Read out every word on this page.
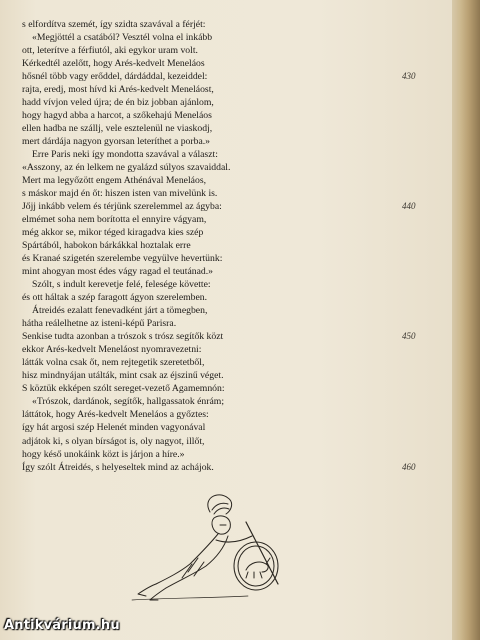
s elfordítva szemét, így szidta szavával a férjét:
«Megjöttél a csatából? Vesztél volna el inkább
ott, leterítve a férfiutól, aki egykor uram volt.
Kérkedtél azelőtt, hogy Arés-kedvelt Meneláos
hősnél több vagy erőddel, dárdáddal, kezeiddel:
rajta, eredj, most hívd ki Arés-kedvelt Meneláost,
hadd vívjon veled újra; de én biz jobban ajánlom,
hogy hagyd abba a harcot, a szőkehajú Meneláos
ellen hadba ne szállj, vele esztelenül ne viaskodj,
mert dárdája nagyon gyorsan leteríthet a porba.»
Erre Paris neki így mondotta szavával a választ:
«Asszony, az én lelkem ne gyalázd súlyos szavaiddal.
Mert ma legyőzött engem Athénával Meneláos,
s máskor majd én őt: hiszen isten van mivelünk is.
Jőjj inkább velem és térjünk szerelemmel az ágyba:
elmémet soha nem borította el ennyire vágyam,
még akkor se, mikor téged kiragadva kies szép
Spártából, habokon bárkákkal hoztalak erre
és Kranaé szigetén szerelembe vegyülve hevertünk:
mint ahogyan most édes vágy ragad el teutánad.»
Szólt, s indult kerevetje felé, felesége követte:
és ott háltak a szép faragott ágyon szerelemben.
Átreidés ezalatt fenevadként járt a tömegben,
hátha reálelhetne az isteni-képű Parisra.
Senkise tudta azonban a trószok s trósz segítők közt
ekkor Arés-kedvelt Meneláost nyomravezetni:
látták volna csak őt, nem rejtegetik szeretetből,
hisz mindnyájan utálták, mint csak az éjszinű véget.
S köztük ekképen szólt sereget-vezető Agamemnón:
«Trószok, dardánok, segítők, hallgassatok énrám;
láttátok, hogy Arés-kedvelt Meneláos a győztes:
így hát argosi szép Helenét minden vagyonával
adjátok ki, s olyan bírságot is, oly nagyot, illőt,
hogy késő unokáink közt is járjon a híre.»
Így szólt Átreidés, s helyeseltek mind az achájok.
430
440
450
460
Antikvárium.hu
